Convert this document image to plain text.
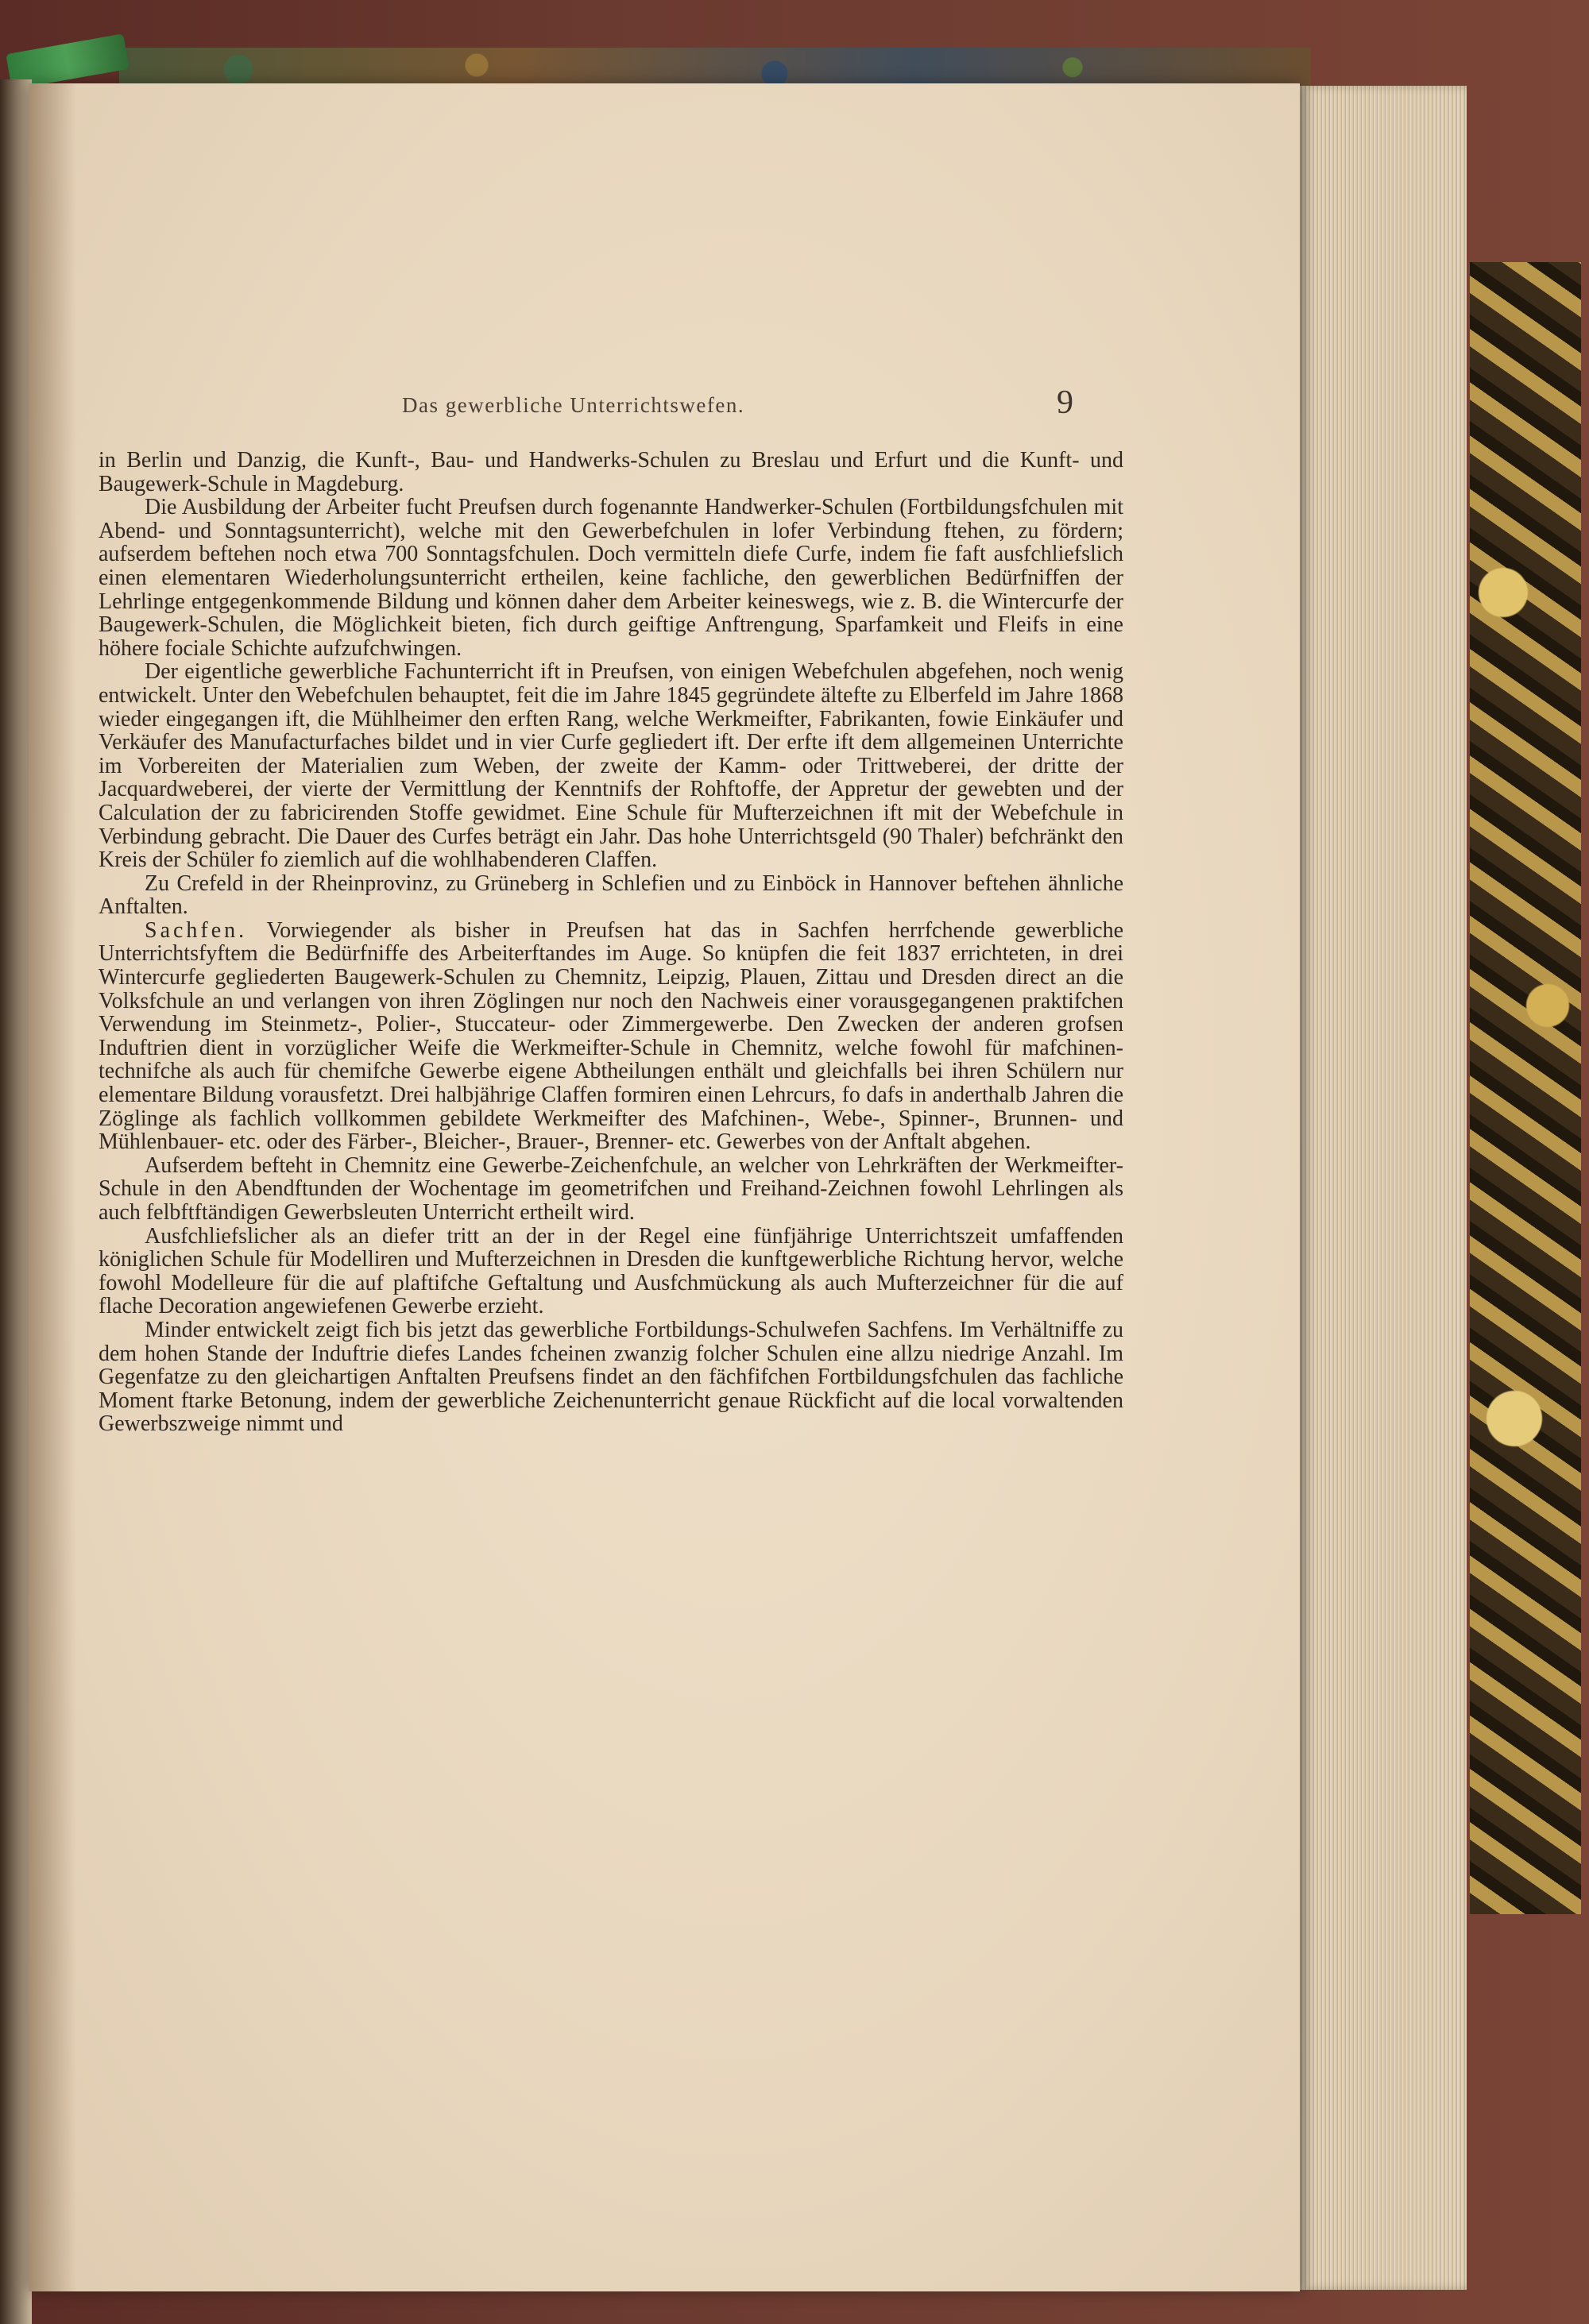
Das gewerbliche Unterrichtswefen.	9

in Berlin und Danzig, die Kunft-, Bau- und Handwerks-Schulen zu Breslau und Erfurt und die Kunft- und Baugewerk-Schule in Magdeburg.

Die Ausbildung der Arbeiter fucht Preufsen durch fogenannte Handwerker-Schulen (Fortbildungsfchulen mit Abend- und Sonntagsunterricht), welche mit den Gewerbefchulen in lofer Verbindung ftehen, zu fördern; aufserdem beftehen noch etwa 700 Sonntagsfchulen. Doch vermitteln diefe Curfe, indem fie faft ausfchliefslich einen elementaren Wiederholungsunterricht ertheilen, keine fachliche, den gewerblichen Bedürfniffen der Lehrlinge entgegenkommende Bildung und können daher dem Arbeiter keineswegs, wie z. B. die Wintercurfe der Baugewerk-Schulen, die Möglichkeit bieten, fich durch geiftige Anftrengung, Sparfamkeit und Fleifs in eine höhere fociale Schichte aufzufchwingen.

Der eigentliche gewerbliche Fachunterricht ift in Preufsen, von einigen Webefchulen abgefehen, noch wenig entwickelt. Unter den Webefchulen behauptet, feit die im Jahre 1845 gegründete ältefte zu Elberfeld im Jahre 1868 wieder eingegangen ift, die Mühlheimer den erften Rang, welche Werkmeifter, Fabrikanten, fowie Einkäufer und Verkäufer des Manufacturfaches bildet und in vier Curfe gegliedert ift. Der erfte ift dem allgemeinen Unterrichte im Vorbereiten der Materialien zum Weben, der zweite der Kamm- oder Trittweberei, der dritte der Jacquardweberei, der vierte der Vermittlung der Kenntnifs der Rohftoffe, der Appretur der gewebten und der Calculation der zu fabricirenden Stoffe gewidmet. Eine Schule für Mufterzeichnen ift mit der Webefchule in Verbindung gebracht. Die Dauer des Curfes beträgt ein Jahr. Das hohe Unterrichtsgeld (90 Thaler) befchränkt den Kreis der Schüler fo ziemlich auf die wohlhabenderen Claffen.

Zu Crefeld in der Rheinprovinz, zu Grüneberg in Schlefien und zu Einböck in Hannover beftehen ähnliche Anftalten.

Sachfen. Vorwiegender als bisher in Preufsen hat das in Sachfen herrfchende gewerbliche Unterrichtsfyftem die Bedürfniffe des Arbeiterftandes im Auge. So knüpfen die feit 1837 errichteten, in drei Wintercurfe gegliederten Baugewerk-Schulen zu Chemnitz, Leipzig, Plauen, Zittau und Dresden direct an die Volksfchule an und verlangen von ihren Zöglingen nur noch den Nachweis einer vorausgegangenen praktifchen Verwendung im Steinmetz-, Polier-, Stuccateur- oder Zimmergewerbe. Den Zwecken der anderen grofsen Induftrien dient in vorzüglicher Weife die Werkmeifter-Schule in Chemnitz, welche fowohl für mafchinen-technifche als auch für chemifche Gewerbe eigene Abtheilungen enthält und gleichfalls bei ihren Schülern nur elementare Bildung vorausfetzt. Drei halbjährige Claffen formiren einen Lehrcurs, fo dafs in anderthalb Jahren die Zöglinge als fachlich vollkommen gebildete Werkmeifter des Mafchinen-, Webe-, Spinner-, Brunnen- und Mühlenbauer- etc. oder des Färber-, Bleicher-, Brauer-, Brenner- etc. Gewerbes von der Anftalt abgehen.

Aufserdem befteht in Chemnitz eine Gewerbe-Zeichenfchule, an welcher von Lehrkräften der Werkmeifter-Schule in den Abendftunden der Wochentage im geometrifchen und Freihand-Zeichnen fowohl Lehrlingen als auch felbftftändigen Gewerbsleuten Unterricht ertheilt wird.

Ausfchliefslicher als an diefer tritt an der in der Regel eine fünfjährige Unterrichtszeit umfaffenden königlichen Schule für Modelliren und Mufterzeichnen in Dresden die kunftgewerbliche Richtung hervor, welche fowohl Modelleure für die auf plaftifche Geftaltung und Ausfchmückung als auch Mufterzeichner für die auf flache Decoration angewiefenen Gewerbe erzieht.

Minder entwickelt zeigt fich bis jetzt das gewerbliche Fortbildungs-Schulwefen Sachfens. Im Verhältniffe zu dem hohen Stande der Induftrie diefes Landes fcheinen zwanzig folcher Schulen eine allzu niedrige Anzahl. Im Gegenfatze zu den gleichartigen Anftalten Preufsens findet an den fächfifchen Fortbildungsfchulen das fachliche Moment ftarke Betonung, indem der gewerbliche Zeichenunterricht genaue Rückficht auf die local vorwaltenden Gewerbszweige nimmt und
